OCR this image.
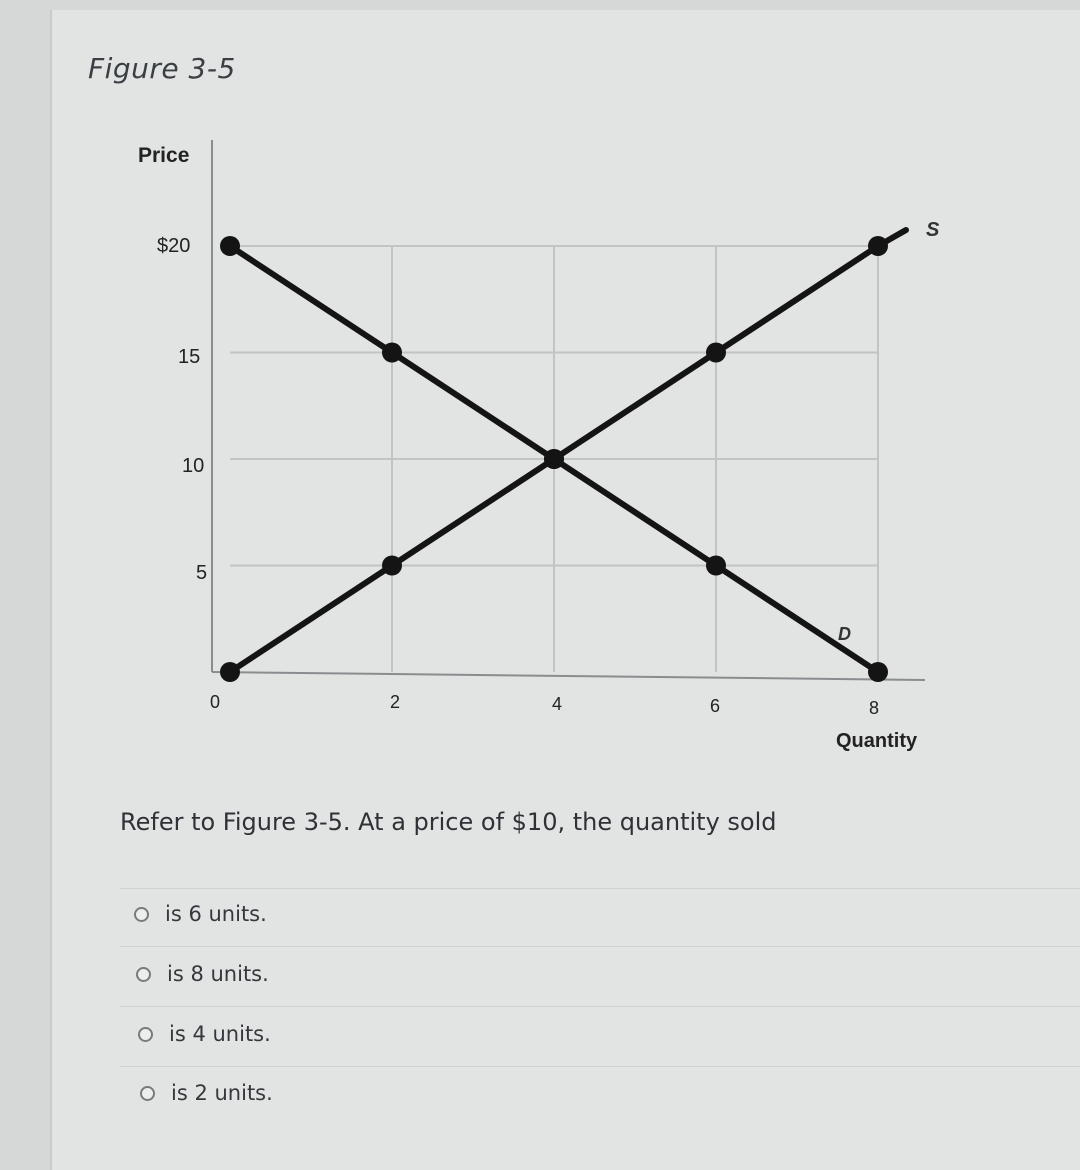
Figure 3-5
Price
Quantity
$20
15
10
5
0	2	4	6	8
S
D
Refer to Figure 3-5. At a price of $10, the quantity sold
is 6 units.
is 8 units.
is 4 units.
is 2 units.
